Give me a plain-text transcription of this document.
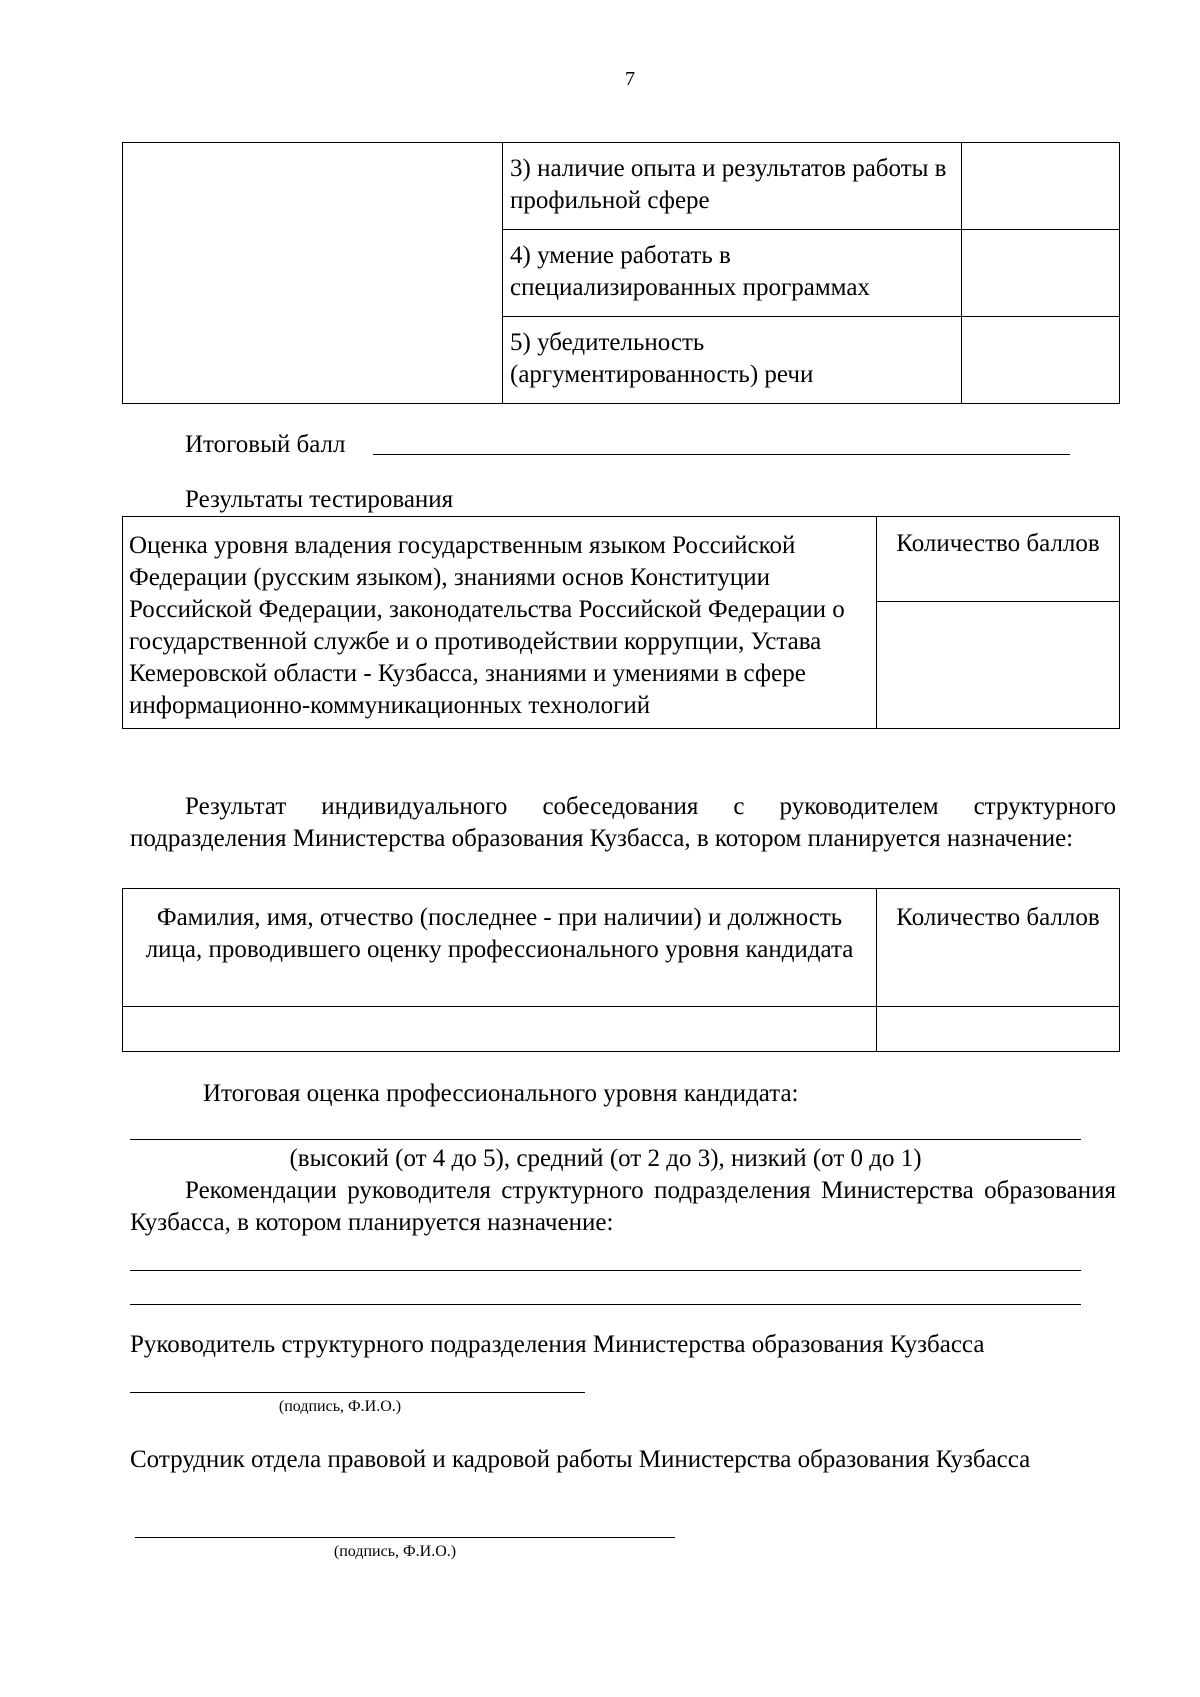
7
	3) наличие опыта и результатов работы в профильной сфере	
	4) умение работать в специализированных программах	
	5) убедительность (аргументированность) речи	
Итоговый балл
Результаты тестирования
Оценка уровня владения государственным языком Российской Федерации (русским языком), знаниями основ Конституции Российской Федерации, законодательства Российской Федерации о государственной службе и о противодействии коррупции, Устава Кемеровской области - Кузбасса, знаниями и умениями в сфере информационно-коммуникационных технологий	Количество баллов

Результат индивидуального собеседования с руководителем структурного подразделения Министерства образования Кузбасса, в котором планируется назначение:
Фамилия, имя, отчество (последнее - при наличии) и должность лица, проводившего оценку профессионального уровня кандидата	Количество баллов

Итоговая оценка профессионального уровня кандидата:
(высокий (от 4 до 5), средний (от 2 до 3), низкий (от 0 до 1)
Рекомендации руководителя структурного подразделения Министерства образования Кузбасса, в котором планируется назначение:
Руководитель структурного подразделения Министерства образования Кузбасса
(подпись, Ф.И.О.)
Сотрудник отдела правовой и кадровой работы Министерства образования Кузбасса
(подпись, Ф.И.О.)
